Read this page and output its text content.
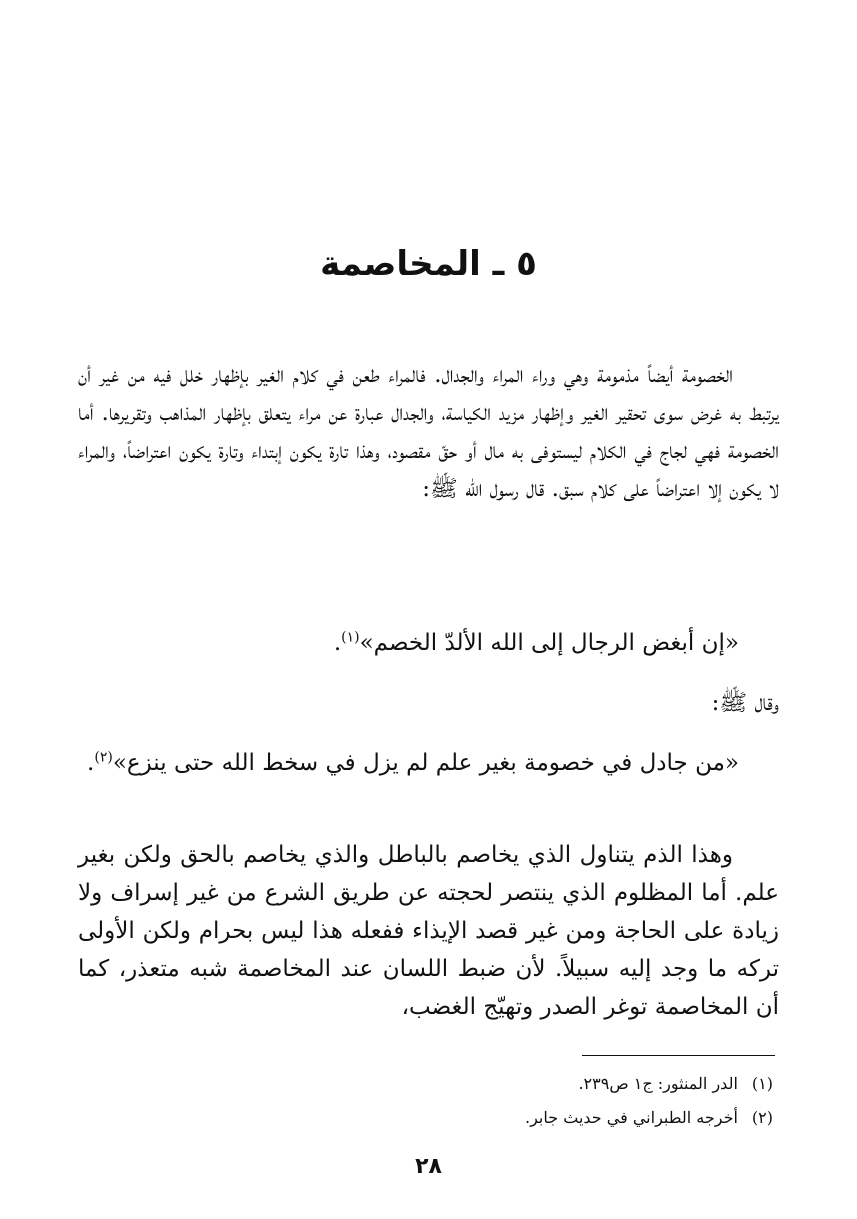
٥ ـ المخاصمة

الخصومة أيضاً مذمومة وهي وراء المراء والجدال. فالمراء طعن في كلام الغير بإظهار خلل فيه من غير أن يرتبط به غرض سوى تحقير الغير وإظهار مزيد الكياسة، والجدال عبارة عن مراء يتعلق بإظهار المذاهب وتقريرها. أما الخصومة فهي لجاج في الكلام ليستوفى به مال أو حقّ مقصود، وهذا تارة يكون إبتداء وتارة يكون اعتراضاً، والمراء لا يكون إلا اعتراضاً على كلام سبق. قال رسول الله ﷺ:

«إن أبغض الرجال إلى الله الألدّ الخصم»$^{(١)}$.

وقال ﷺ:

«من جادل في خصومة بغير علم لم يزل في سخط الله حتى ينزع»$^{(٢)}$.

وهذا الذم يتناول الذي يخاصم بالباطل والذي يخاصم بالحق ولكن بغير علم. أما المظلوم الذي ينتصر لحجته عن طريق الشرع من غير إسراف ولا زيادة على الحاجة ومن غير قصد الإيذاء ففعله هذا ليس بحرام ولكن الأولى تركه ما وجد إليه سبيلاً. لأن ضبط اللسان عند المخاصمة شبه متعذر، كما أن المخاصمة توغر الصدر وتهيّج الغضب،

(١)الدر المنثور: ج١ ص٢٣٩.

(٢)أخرجه الطبراني في حديث جابر.

٢٨
